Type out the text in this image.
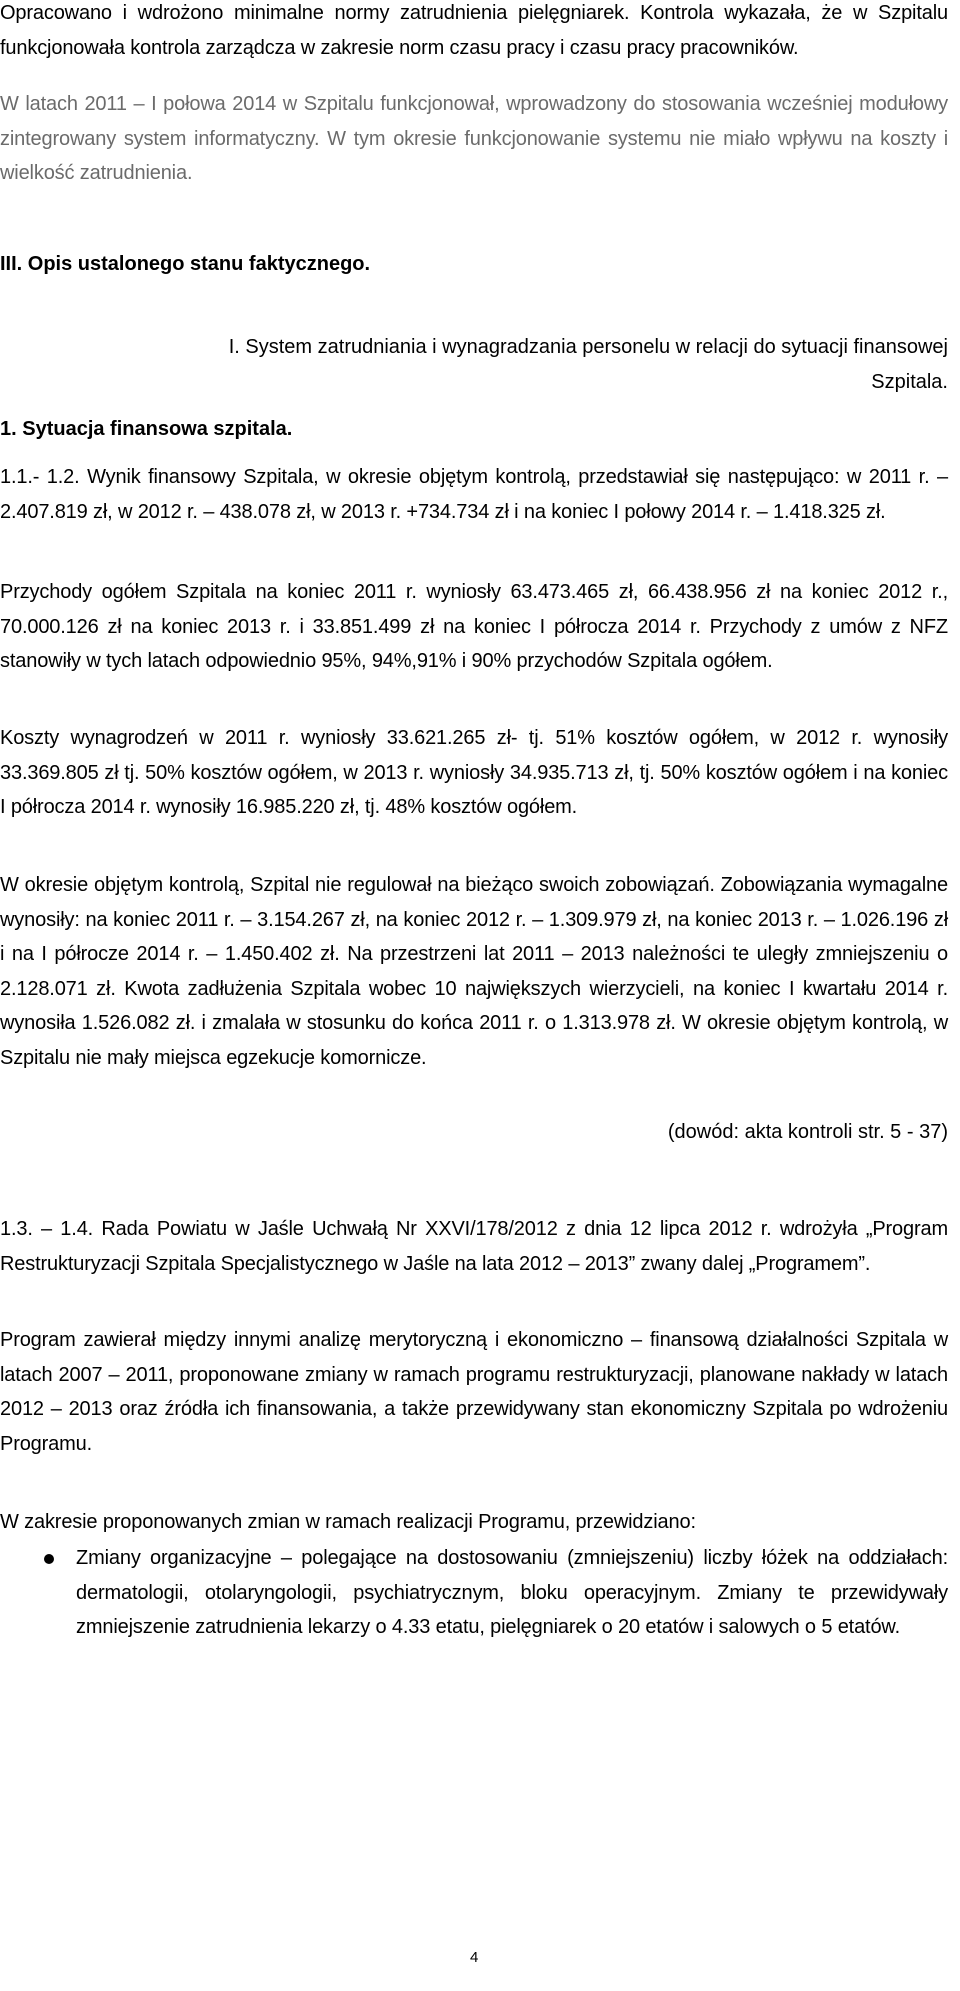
Opracowano i wdrożono minimalne normy zatrudnienia pielęgniarek. Kontrola wykazała, że w Szpitalu funkcjonowała kontrola zarządcza w zakresie norm czasu pracy i czasu pracy pracowników.
W latach 2011 – I połowa 2014 w Szpitalu funkcjonował, wprowadzony do stosowania wcześniej modułowy zintegrowany system informatyczny. W tym okresie funkcjonowanie systemu nie miało wpływu na koszty i wielkość zatrudnienia.
III. Opis ustalonego stanu faktycznego.
I. System zatrudniania i wynagradzania personelu w relacji do sytuacji finansowej Szpitala.
1. Sytuacja finansowa szpitala.
1.1.- 1.2. Wynik finansowy Szpitala, w okresie objętym kontrolą, przedstawiał się następująco: w 2011 r. – 2.407.819 zł, w 2012 r. – 438.078 zł, w 2013 r. +734.734 zł i na koniec I połowy 2014 r. – 1.418.325 zł.
Przychody ogółem Szpitala na koniec 2011 r. wyniosły 63.473.465 zł, 66.438.956 zł na koniec 2012 r., 70.000.126 zł na koniec 2013 r. i 33.851.499 zł na koniec I półrocza 2014 r. Przychody z umów z NFZ stanowiły w tych latach odpowiednio 95%, 94%,91% i 90% przychodów Szpitala ogółem.
Koszty wynagrodzeń w 2011 r. wyniosły 33.621.265 zł- tj. 51% kosztów ogółem, w 2012 r. wynosiły 33.369.805 zł tj. 50% kosztów ogółem, w 2013 r. wyniosły 34.935.713 zł, tj. 50% kosztów ogółem i na koniec I półrocza 2014 r. wynosiły 16.985.220 zł, tj. 48% kosztów ogółem.
W okresie objętym kontrolą, Szpital nie regulował na bieżąco swoich zobowiązań. Zobowiązania wymagalne wynosiły: na koniec 2011 r. – 3.154.267 zł, na koniec 2012 r. – 1.309.979 zł, na koniec 2013 r. – 1.026.196 zł i na I półrocze 2014 r. – 1.450.402 zł. Na przestrzeni lat 2011 – 2013 należności te uległy zmniejszeniu o 2.128.071 zł. Kwota zadłużenia Szpitala wobec 10 największych wierzycieli, na koniec I kwartału 2014 r. wynosiła 1.526.082 zł. i zmalała w stosunku do końca 2011 r. o 1.313.978 zł. W okresie objętym kontrolą, w Szpitalu nie mały miejsca egzekucje komornicze.
(dowód: akta kontroli str. 5 - 37)
1.3. – 1.4. Rada Powiatu w Jaśle Uchwałą Nr XXVI/178/2012 z dnia 12 lipca 2012 r. wdrożyła „Program Restrukturyzacji Szpitala Specjalistycznego w Jaśle na lata 2012 – 2013” zwany dalej „Programem”.
Program zawierał między innymi analizę merytoryczną i ekonomiczno – finansową działalności Szpitala w latach 2007 – 2011, proponowane zmiany w ramach programu restrukturyzacji, planowane nakłady w latach 2012 – 2013 oraz źródła ich finansowania, a także przewidywany stan ekonomiczny Szpitala po wdrożeniu Programu.
W zakresie proponowanych zmian w ramach realizacji Programu, przewidziano:
Zmiany organizacyjne – polegające na dostosowaniu (zmniejszeniu) liczby łóżek na oddziałach: dermatologii, otolaryngologii, psychiatrycznym, bloku operacyjnym. Zmiany te przewidywały zmniejszenie zatrudnienia lekarzy o 4.33 etatu, pielęgniarek o 20 etatów i salowych o 5 etatów.
4
